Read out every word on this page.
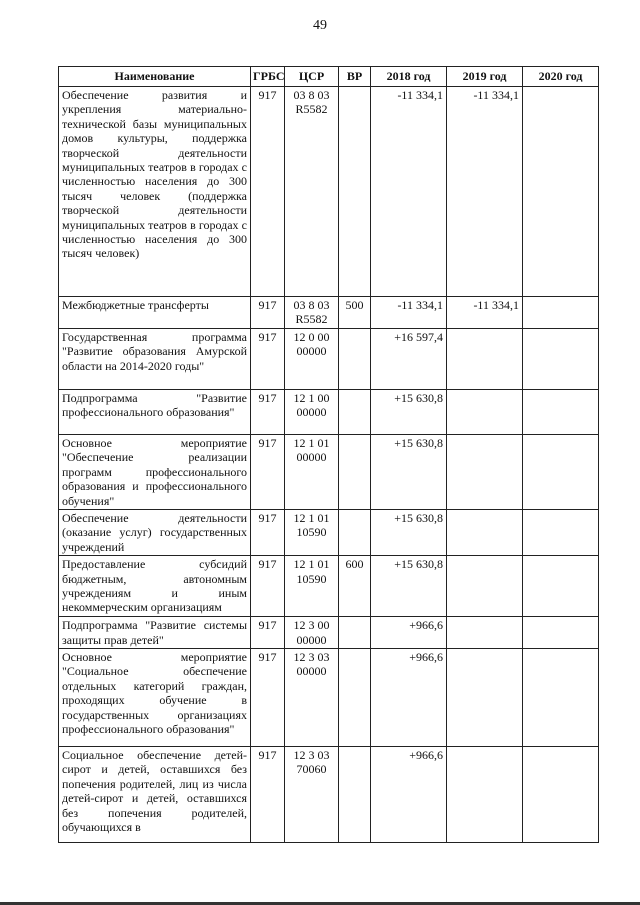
49
Наименование	ГРБС	ЦСР	ВР	2018 год	2019 год	2020 год
Обеспечение развития и укрепления материально-технической базы муниципальных домов культуры, поддержка творческой деятельности муниципальных театров в городах с численностью населения до 300 тысяч человек (поддержка творческой деятельности муниципальных театров в городах с численностью населения до 300 тысяч человек)	917	03 8 03 R5582		-11 334,1	-11 334,1	
Межбюджетные трансферты	917	03 8 03 R5582	500	-11 334,1	-11 334,1	
Государственная программа "Развитие образования Амурской области на 2014-2020 годы"	917	12 0 00 00000		+16 597,4		
Подпрограмма "Развитие профессионального образования"	917	12 1 00 00000		+15 630,8		
Основное мероприятие "Обеспечение реализации программ профессионального образования и профессионального обучения"	917	12 1 01 00000		+15 630,8		
Обеспечение деятельности (оказание услуг) государственных учреждений	917	12 1 01 10590		+15 630,8		
Предоставление субсидий бюджетным, автономным учреждениям и иным некоммерческим организациям	917	12 1 01 10590	600	+15 630,8		
Подпрограмма "Развитие системы защиты прав детей"	917	12 3 00 00000		+966,6		
Основное мероприятие "Социальное обеспечение отдельных категорий граждан, проходящих обучение в государственных организациях профессионального образования"	917	12 3 03 00000		+966,6		
Социальное обеспечение детей-сирот и детей, оставшихся без попечения родителей, лиц из числа детей-сирот и детей, оставшихся без попечения родителей, обучающихся в	917	12 3 03 70060		+966,6		
